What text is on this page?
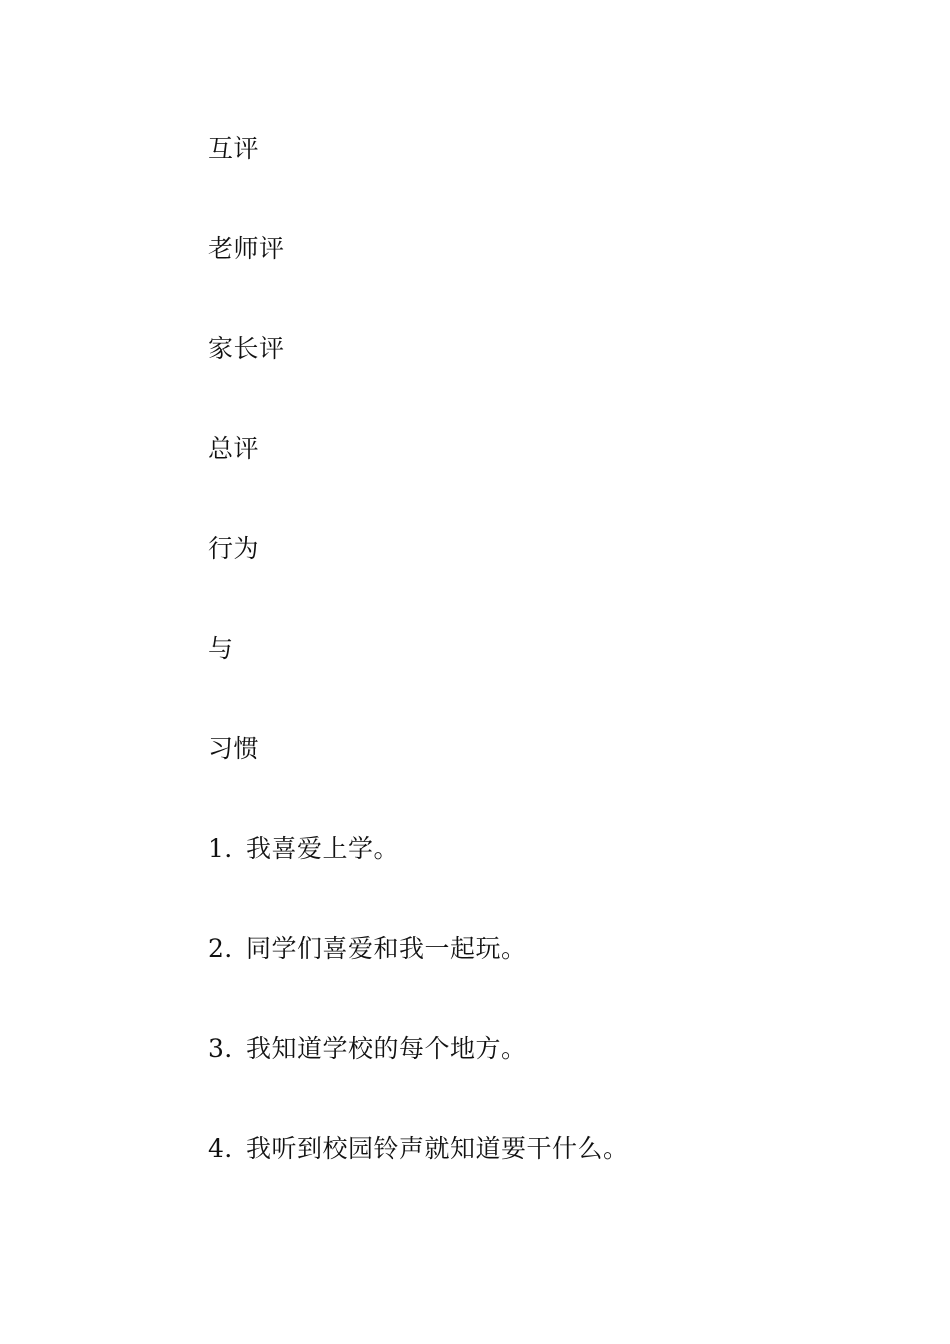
互评
老师评
家长评
总评
行为
与
习惯
1．我喜爱上学。
2．同学们喜爱和我一起玩。
3．我知道学校的每个地方。
4．我听到校园铃声就知道要干什么。
